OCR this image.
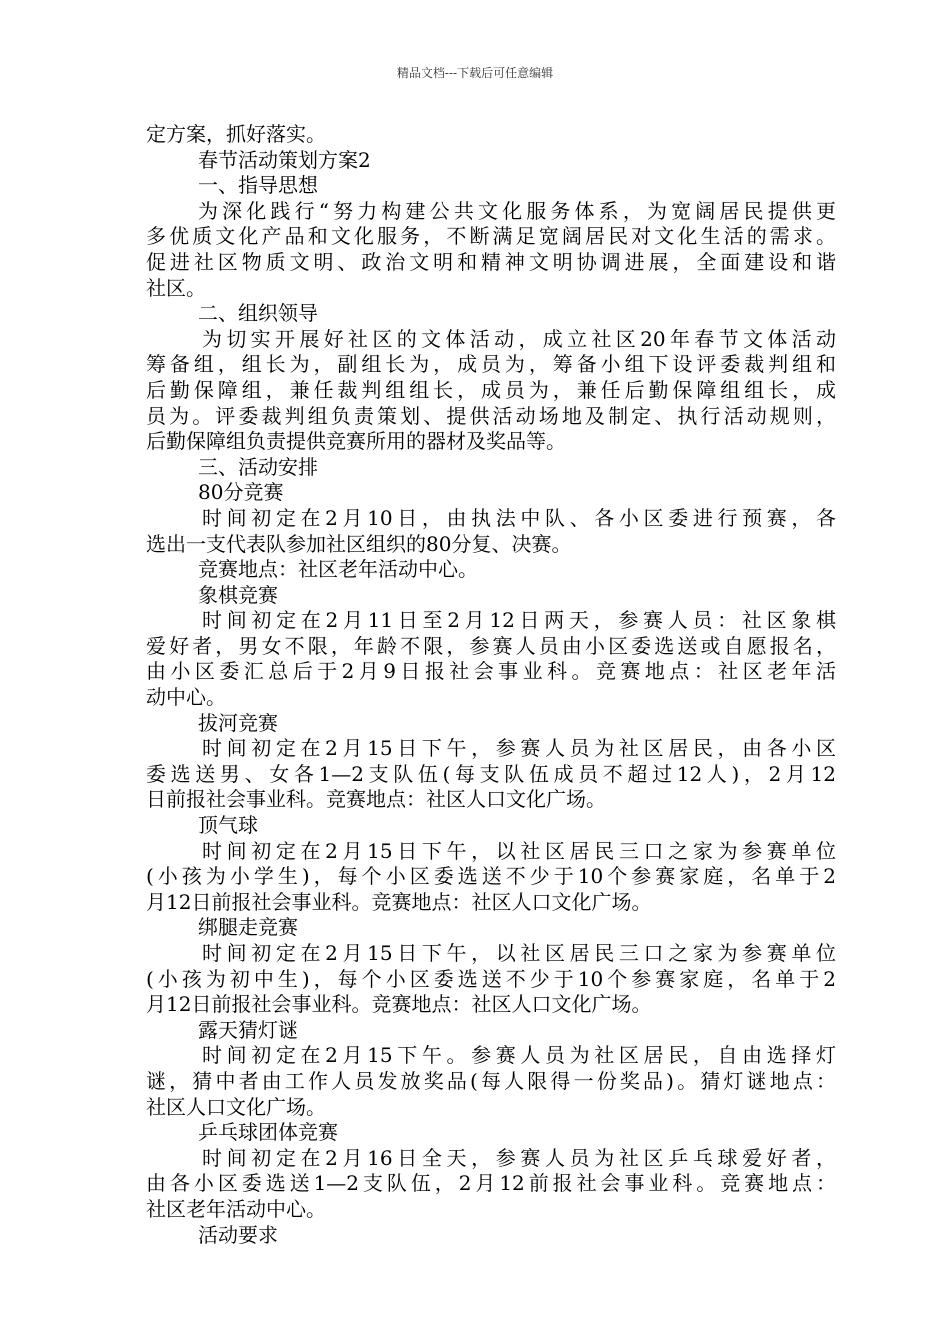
精品文档---下载后可任意编辑
定方案，抓好落实。
春节活动策划方案2
一、指导思想
为深化践行“努力构建公共文化服务体系，为宽阔居民提供更
多优质文化产品和文化服务，不断满足宽阔居民对文化生活的需求。
促进社区物质文明、政治文明和精神文明协调进展，全面建设和谐
社区。
二、组织领导
为切实开展好社区的文体活动，成立社区20年春节文体活动
筹备组，组长为，副组长为，成员为，筹备小组下设评委裁判组和
后勤保障组，兼任裁判组组长，成员为，兼任后勤保障组组长，成
员为。评委裁判组负责策划、提供活动场地及制定、执行活动规则，
后勤保障组负责提供竞赛所用的器材及奖品等。
三、活动安排
80分竞赛
时间初定在2月10日，由执法中队、各小区委进行预赛，各
选出一支代表队参加社区组织的80分复、决赛。
竞赛地点：社区老年活动中心。
象棋竞赛
时间初定在2月11日至2月12日两天，参赛人员：社区象棋
爱好者，男女不限，年龄不限，参赛人员由小区委选送或自愿报名，
由小区委汇总后于2月9日报社会事业科。竞赛地点：社区老年活
动中心。
拔河竞赛
时间初定在2月15日下午，参赛人员为社区居民，由各小区
委选送男、女各1—2支队伍(每支队伍成员不超过12人)，2月12
日前报社会事业科。竞赛地点：社区人口文化广场。
顶气球
时间初定在2月15日下午，以社区居民三口之家为参赛单位
(小孩为小学生)，每个小区委选送不少于10个参赛家庭，名单于2
月12日前报社会事业科。竞赛地点：社区人口文化广场。
绑腿走竞赛
时间初定在2月15日下午，以社区居民三口之家为参赛单位
(小孩为初中生)，每个小区委选送不少于10个参赛家庭，名单于2
月12日前报社会事业科。竞赛地点：社区人口文化广场。
露天猜灯谜
时间初定在2月15下午。参赛人员为社区居民，自由选择灯
谜，猜中者由工作人员发放奖品(每人限得一份奖品)。猜灯谜地点：
社区人口文化广场。
乒乓球团体竞赛
时间初定在2月16日全天，参赛人员为社区乒乓球爱好者，
由各小区委选送1—2支队伍，2月12前报社会事业科。竞赛地点：
社区老年活动中心。
活动要求
